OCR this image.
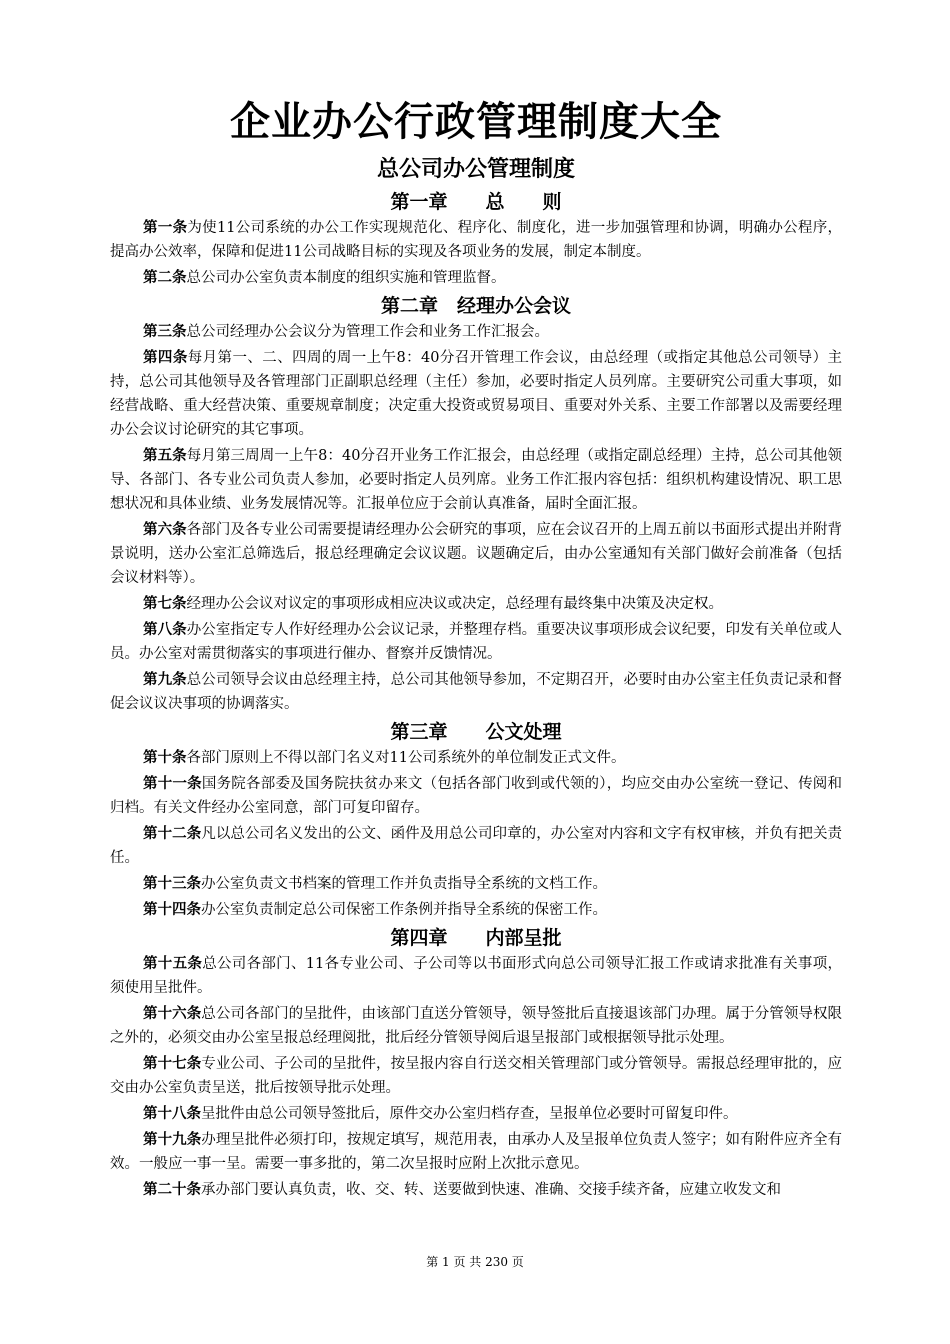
企业办公行政管理制度大全
总公司办公管理制度
第一章　　总　　则

第一条为使11公司系统的办公工作实现规范化、程序化、制度化，进一步加强管理和协调，明确办公程序，提高办公效率，保障和促进11公司战略目标的实现及各项业务的发展，制定本制度。

第二条总公司办公室负责本制度的组织实施和管理监督。

第二章　经理办公会议

第三条总公司经理办公会议分为管理工作会和业务工作汇报会。

第四条每月第一、二、四周的周一上午8：40分召开管理工作会议，由总经理（或指定其他总公司领导）主持，总公司其他领导及各管理部门正副职总经理（主任）参加，必要时指定人员列席。主要研究公司重大事项，如经营战略、重大经营决策、重要规章制度；决定重大投资或贸易项目、重要对外关系、主要工作部署以及需要经理办公会议讨论研究的其它事项。

第五条每月第三周周一上午8：40分召开业务工作汇报会，由总经理（或指定副总经理）主持，总公司其他领导、各部门、各专业公司负责人参加，必要时指定人员列席。业务工作汇报内容包括：组织机构建设情况、职工思想状况和具体业绩、业务发展情况等。汇报单位应于会前认真准备，届时全面汇报。

第六条各部门及各专业公司需要提请经理办公会研究的事项，应在会议召开的上周五前以书面形式提出并附背景说明，送办公室汇总筛选后，报总经理确定会议议题。议题确定后，由办公室通知有关部门做好会前准备（包括会议材料等）。

第七条经理办公会议对议定的事项形成相应决议或决定，总经理有最终集中决策及决定权。

第八条办公室指定专人作好经理办公会议记录，并整理存档。重要决议事项形成会议纪要，印发有关单位或人员。办公室对需贯彻落实的事项进行催办、督察并反馈情况。

第九条总公司领导会议由总经理主持，总公司其他领导参加，不定期召开，必要时由办公室主任负责记录和督促会议议决事项的协调落实。

第三章　　公文处理

第十条各部门原则上不得以部门名义对11公司系统外的单位制发正式文件。

第十一条国务院各部委及国务院扶贫办来文（包括各部门收到或代领的），均应交由办公室统一登记、传阅和归档。有关文件经办公室同意，部门可复印留存。

第十二条凡以总公司名义发出的公文、函件及用总公司印章的，办公室对内容和文字有权审核，并负有把关责任。

第十三条办公室负责文书档案的管理工作并负责指导全系统的文档工作。

第十四条办公室负责制定总公司保密工作条例并指导全系统的保密工作。

第四章　　内部呈批

第十五条总公司各部门、11各专业公司、子公司等以书面形式向总公司领导汇报工作或请求批准有关事项，须使用呈批件。

第十六条总公司各部门的呈批件，由该部门直送分管领导，领导签批后直接退该部门办理。属于分管领导权限之外的，必须交由办公室呈报总经理阅批，批后经分管领导阅后退呈报部门或根据领导批示处理。

第十七条专业公司、子公司的呈批件，按呈报内容自行送交相关管理部门或分管领导。需报总经理审批的，应交由办公室负责呈送，批后按领导批示处理。

第十八条呈批件由总公司领导签批后，原件交办公室归档存查，呈报单位必要时可留复印件。

第十九条办理呈批件必须打印，按规定填写，规范用表，由承办人及呈报单位负责人签字；如有附件应齐全有效。一般应一事一呈。需要一事多批的，第二次呈报时应附上次批示意见。

第二十条承办部门要认真负责，收、交、转、送要做到快速、准确、交接手续齐备，应建立收发文和

第 1 页 共 230 页
